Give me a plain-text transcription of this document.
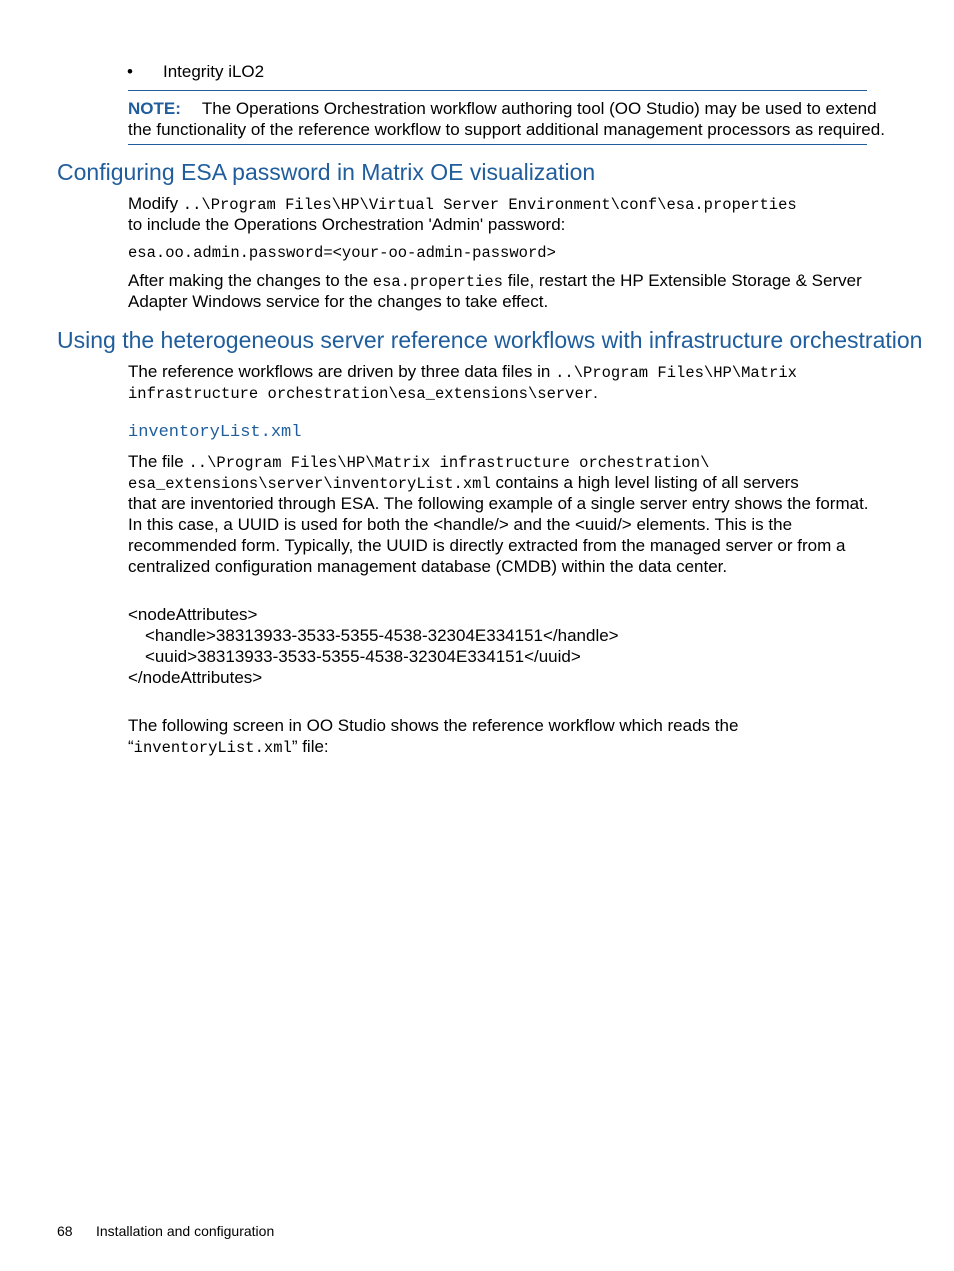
• Integrity iLO2
NOTE: The Operations Orchestration workflow authoring tool (OO Studio) may be used to extend
the functionality of the reference workflow to support additional management processors as required.
Configuring ESA password in Matrix OE visualization
Modify ..\Program Files\HP\Virtual Server Environment\conf\esa.properties
to include the Operations Orchestration 'Admin' password:
esa.oo.admin.password=<your-oo-admin-password>
After making the changes to the esa.properties file, restart the HP Extensible Storage & Server
Adapter Windows service for the changes to take effect.
Using the heterogeneous server reference workflows with infrastructure orchestration
The reference workflows are driven by three data files in ..\Program Files\HP\Matrix
infrastructure orchestration\esa_extensions\server.
inventoryList.xml
The file ..\Program Files\HP\Matrix infrastructure orchestration\
esa_extensions\server\inventoryList.xml contains a high level listing of all servers
that are inventoried through ESA. The following example of a single server entry shows the format.
In this case, a UUID is used for both the <handle/> and the <uuid/> elements. This is the
recommended form. Typically, the UUID is directly extracted from the managed server or from a
centralized configuration management database (CMDB) within the data center.
<nodeAttributes>
<handle>38313933-3533-5355-4538-32304E334151</handle>
<uuid>38313933-3533-5355-4538-32304E334151</uuid>
</nodeAttributes>
The following screen in OO Studio shows the reference workflow which reads the
“inventoryList.xml” file:
68 Installation and configuration
